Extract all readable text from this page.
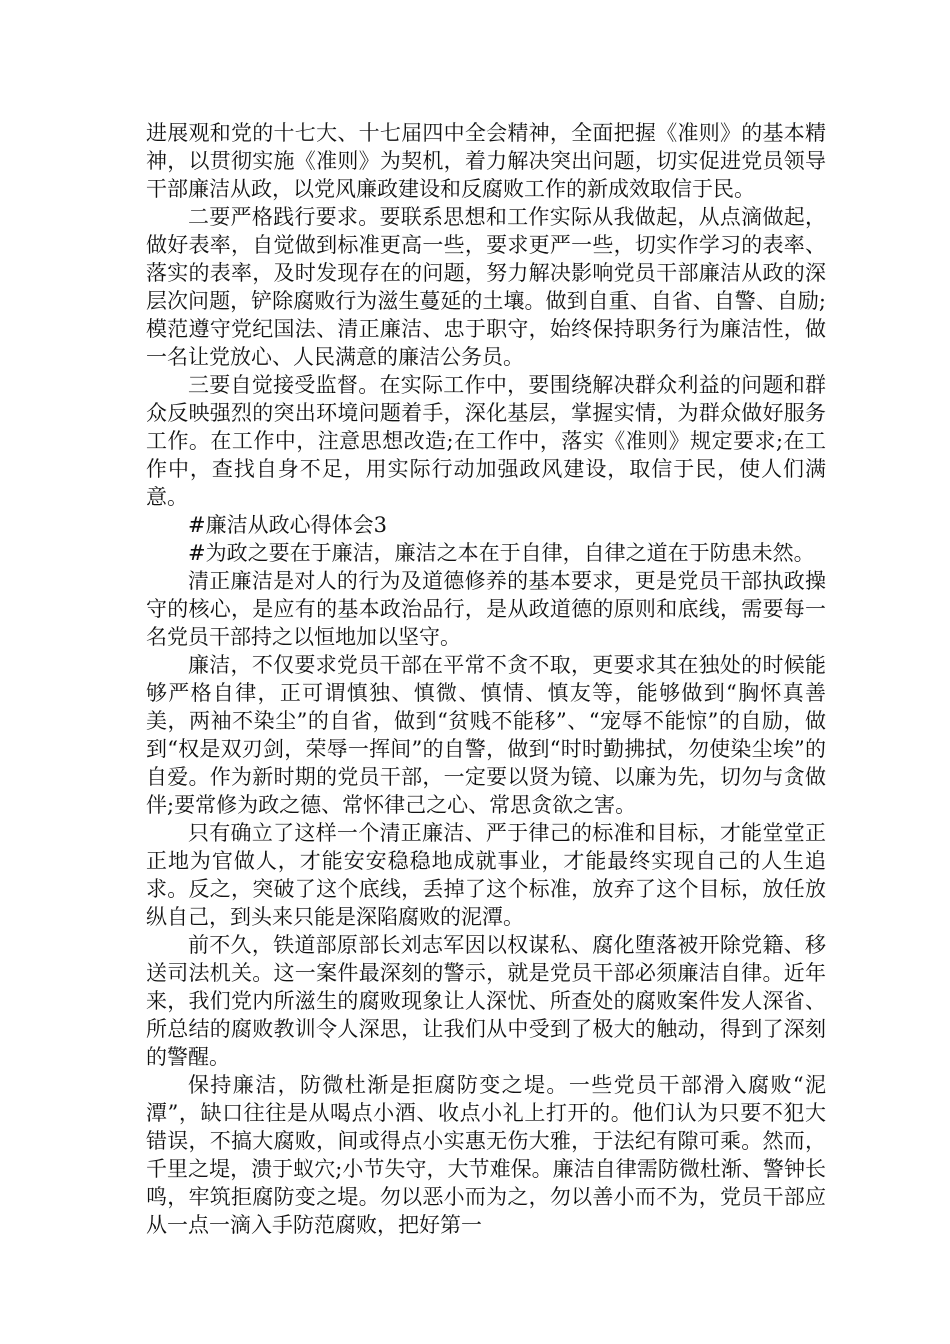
进展观和党的十七大、十七届四中全会精神，全面把握《准则》的基本精神，以贯彻实施《准则》为契机，着力解决突出问题，切实促进党员领导干部廉洁从政，以党风廉政建设和反腐败工作的新成效取信于民。

二要严格践行要求。要联系思想和工作实际从我做起，从点滴做起，做好表率，自觉做到标准更高一些，要求更严一些，切实作学习的表率、落实的表率，及时发现存在的问题，努力解决影响党员干部廉洁从政的深层次问题，铲除腐败行为滋生蔓延的土壤。做到自重、自省、自警、自励;模范遵守党纪国法、清正廉洁、忠于职守，始终保持职务行为廉洁性，做一名让党放心、人民满意的廉洁公务员。

三要自觉接受监督。在实际工作中，要围绕解决群众利益的问题和群众反映强烈的突出环境问题着手，深化基层，掌握实情，为群众做好服务工作。在工作中，注意思想改造;在工作中，落实《准则》规定要求;在工作中，查找自身不足，用实际行动加强政风建设，取信于民，使人们满意。

#廉洁从政心得体会3

#为政之要在于廉洁，廉洁之本在于自律，自律之道在于防患未然。

清正廉洁是对人的行为及道德修养的基本要求，更是党员干部执政操守的核心，是应有的基本政治品行，是从政道德的原则和底线，需要每一名党员干部持之以恒地加以坚守。

廉洁，不仅要求党员干部在平常不贪不取，更要求其在独处的时候能够严格自律，正可谓慎独、慎微、慎情、慎友等，能够做到“胸怀真善美，两袖不染尘”的自省，做到“贫贱不能移”、“宠辱不能惊”的自励，做到“权是双刃剑，荣辱一挥间”的自警，做到“时时勤拂拭，勿使染尘埃”的自爱。作为新时期的党员干部，一定要以贤为镜、以廉为先，切勿与贪做伴;要常修为政之德、常怀律己之心、常思贪欲之害。

只有确立了这样一个清正廉洁、严于律己的标准和目标，才能堂堂正正地为官做人，才能安安稳稳地成就事业，才能最终实现自己的人生追求。反之，突破了这个底线，丢掉了这个标准，放弃了这个目标，放任放纵自己，到头来只能是深陷腐败的泥潭。

前不久，铁道部原部长刘志军因以权谋私、腐化堕落被开除党籍、移送司法机关。这一案件最深刻的警示，就是党员干部必须廉洁自律。近年来，我们党内所滋生的腐败现象让人深忧、所查处的腐败案件发人深省、所总结的腐败教训令人深思，让我们从中受到了极大的触动，得到了深刻的警醒。

保持廉洁，防微杜渐是拒腐防变之堤。一些党员干部滑入腐败“泥潭”，缺口往往是从喝点小酒、收点小礼上打开的。他们认为只要不犯大错误，不搞大腐败，间或得点小实惠无伤大雅，于法纪有隙可乘。然而，千里之堤，溃于蚁穴;小节失守，大节难保。廉洁自律需防微杜渐、警钟长鸣，牢筑拒腐防变之堤。勿以恶小而为之，勿以善小而不为，党员干部应从一点一滴入手防范腐败，把好第一
